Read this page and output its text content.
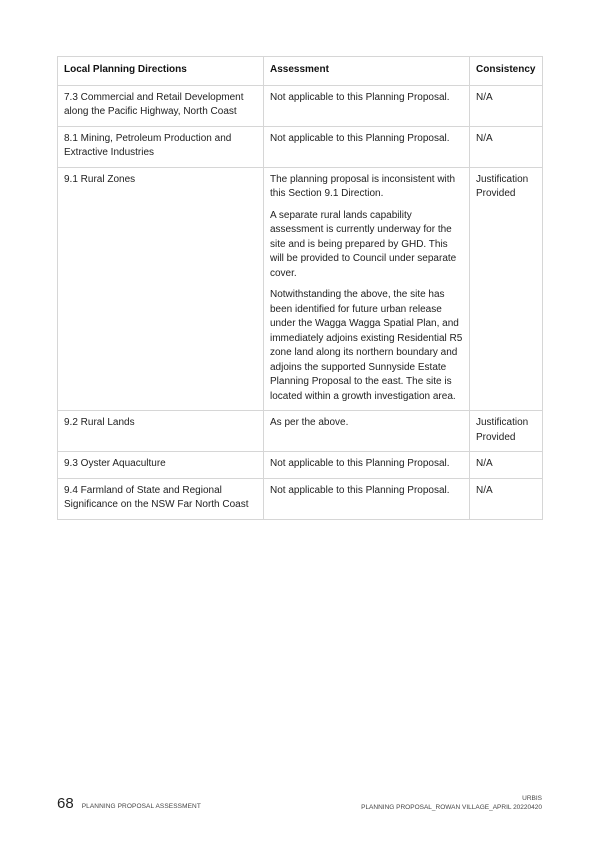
Local Planning Directions	Assessment	Consistency
7.3 Commercial and Retail Development along the Pacific Highway, North Coast	Not applicable to this Planning Proposal.	N/A
8.1 Mining, Petroleum Production and Extractive Industries	Not applicable to this Planning Proposal.	N/A
9.1 Rural Zones	The planning proposal is inconsistent with this Section 9.1 Direction.

A separate rural lands capability assessment is currently underway for the site and is being prepared by GHD. This will be provided to Council under separate cover.

Notwithstanding the above, the site has been identified for future urban release under the Wagga Wagga Spatial Plan, and immediately adjoins existing Residential R5 zone land along its northern boundary and adjoins the supported Sunnyside Estate Planning Proposal to the east. The site is located within a growth investigation area.	Justification Provided
9.2 Rural Lands	As per the above.	Justification Provided
9.3 Oyster Aquaculture	Not applicable to this Planning Proposal.	N/A
9.4 Farmland of State and Regional Significance on the NSW Far North Coast	Not applicable to this Planning Proposal.	N/A
68 PLANNING PROPOSAL ASSESSMENT
URBIS
PLANNING PROPOSAL_ROWAN VILLAGE_APRIL 20220420
